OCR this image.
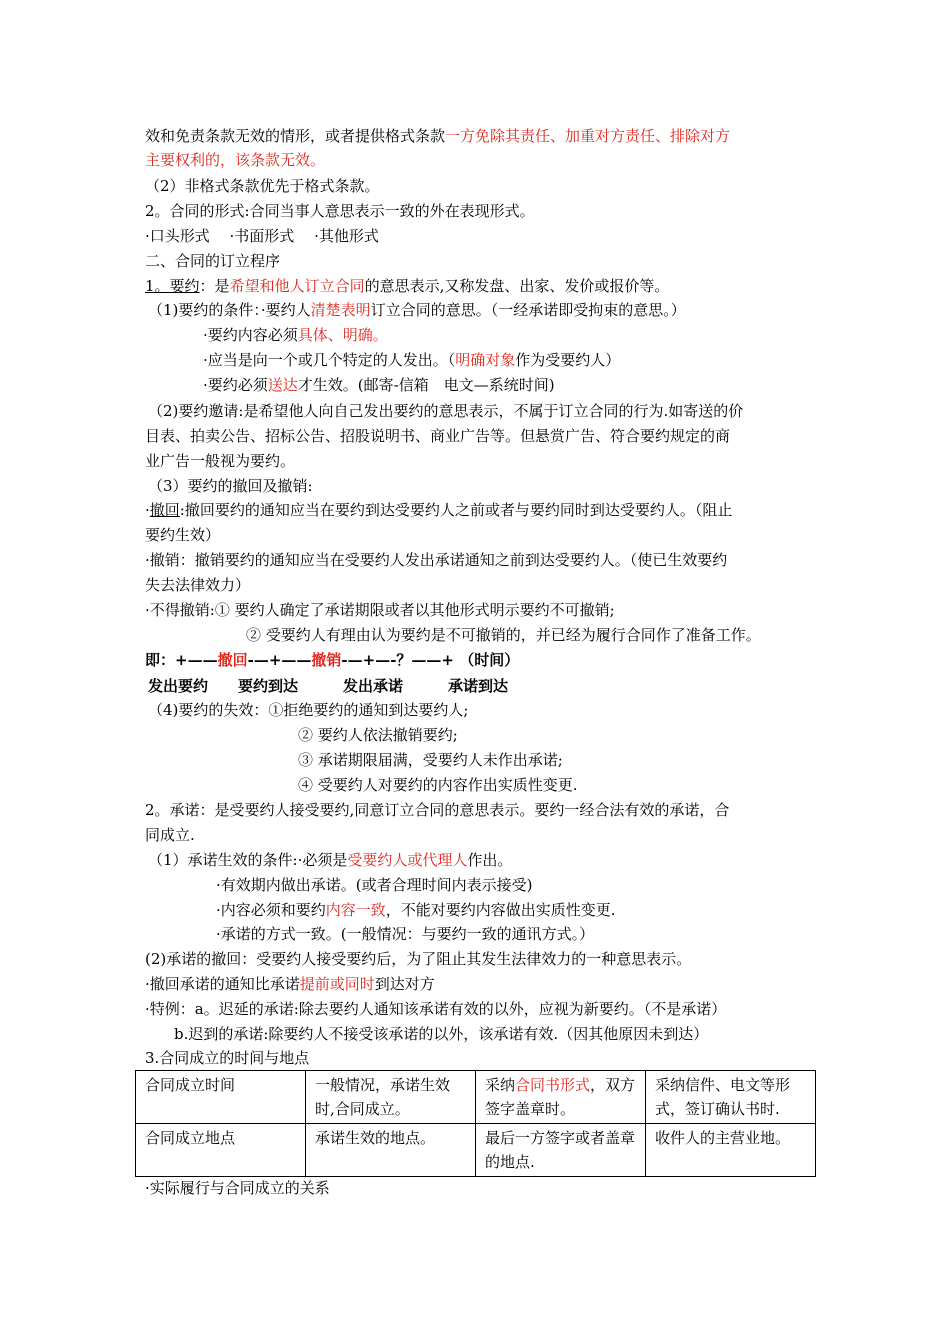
效和免责条款无效的情形，或者提供格式条款一方免除其责任、加重对方责任、排除对方
主要权利的，该条款无效。
（2）非格式条款优先于格式条款。
2。合同的形式:合同当事人意思表示一致的外在表现形式。
·口头形式　 ·书面形式　 ·其他形式
二、合同的订立程序
1。要约：是希望和他人订立合同的意思表示,又称发盘、出家、发价或报价等。
（1)要约的条件：·要约人清楚表明订立合同的意思。（一经承诺即受拘束的意思。）
·要约内容必须具体、明确。
·应当是向一个或几个特定的人发出。（明确对象作为受要约人）
·要约必须送达才生效。(邮寄-信箱　电文—系统时间)
（2)要约邀请:是希望他人向自己发出要约的意思表示，不属于订立合同的行为.如寄送的价
目表、拍卖公告、招标公告、招股说明书、商业广告等。但悬赏广告、符合要约规定的商
业广告一般视为要约。
（3）要约的撤回及撤销:
·撤回:撤回要约的通知应当在要约到达受要约人之前或者与要约同时到达受要约人。（阻止
要约生效）
·撤销：撤销要约的通知应当在受要约人发出承诺通知之前到达受要约人。（使已生效要约
失去法律效力）
·不得撤销:① 要约人确定了承诺期限或者以其他形式明示要约不可撤销;
② 受要约人有理由认为要约是不可撤销的，并已经为履行合同作了准备工作。
即：+——撤回-—+——撤销-—+—-？——+ （时间）
发出要约　　要约到达　　　发出承诺　　　承诺到达
（4)要约的失效：①拒绝要约的通知到达要约人;
② 要约人依法撤销要约;
③ 承诺期限届满，受要约人未作出承诺;
④ 受要约人对要约的内容作出实质性变更.
2。承诺：是受要约人接受要约,同意订立合同的意思表示。要约一经合法有效的承诺，合
同成立.
（1）承诺生效的条件:·必须是受要约人或代理人作出。
·有效期内做出承诺。(或者合理时间内表示接受)
·内容必须和要约内容一致，不能对要约内容做出实质性变更.
·承诺的方式一致。(一般情况：与要约一致的通讯方式。）
(2)承诺的撤回：受要约人接受要约后，为了阻止其发生法律效力的一种意思表示。
·撤回承诺的通知比承诺提前或同时到达对方
·特例：a。迟延的承诺:除去要约人通知该承诺有效的以外，应视为新要约。（不是承诺）
b.迟到的承诺:除要约人不接受该承诺的以外，该承诺有效.（因其他原因未到达）
3.合同成立的时间与地点
合同成立时间	一般情况，承诺生效时,合同成立。	采纳合同书形式，双方签字盖章时。	采纳信件、电文等形式，签订确认书时.
合同成立地点	承诺生效的地点。	最后一方签字或者盖章的地点.	收件人的主营业地。
·实际履行与合同成立的关系
